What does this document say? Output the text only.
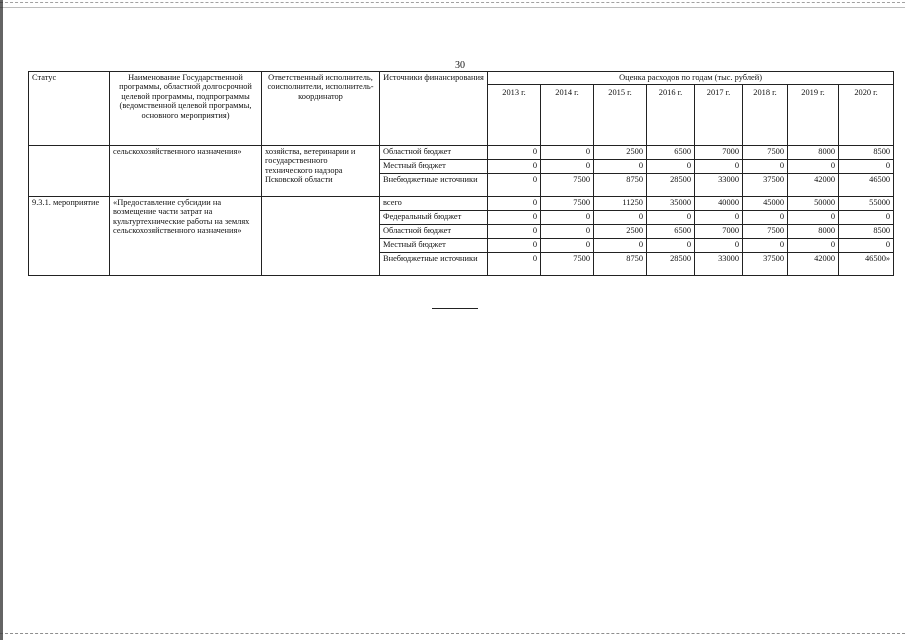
30
Статус	Наименование Государственной программы, областной долгосрочной целевой программы, подпрограммы (ведомственной целевой программы, основного мероприятия)	Ответственный исполнитель, соисполнители, исполнитель-координатор	Источники финансирования	Оценка расходов по годам (тыс. рублей)							
				2013 г.	2014 г.	2015 г.	2016 г.	2017 г.	2018 г.	2019 г.	2020 г.
	сельскохозяйственного назначения»	хозяйства, ветеринарии и государственного технического надзора Псковской области	Областной бюджет	0	0	2500	6500	7000	7500	8000	8500
			Местный бюджет	0	0	0	0	0	0	0	0
			Внебюджетные источники	0	7500	8750	28500	33000	37500	42000	46500
9.3.1. мероприятие	«Предоставление субсидии на возмещение части затрат на культуртехнические работы на землях сельскохозяйственного назначения»		всего	0	7500	11250	35000	40000	45000	50000	55000
			Федеральный бюджет	0	0	0	0	0	0	0	0
			Областной бюджет	0	0	2500	6500	7000	7500	8000	8500
			Местный бюджет	0	0	0	0	0	0	0	0
			Внебюджетные источники	0	7500	8750	28500	33000	37500	42000	46500»
